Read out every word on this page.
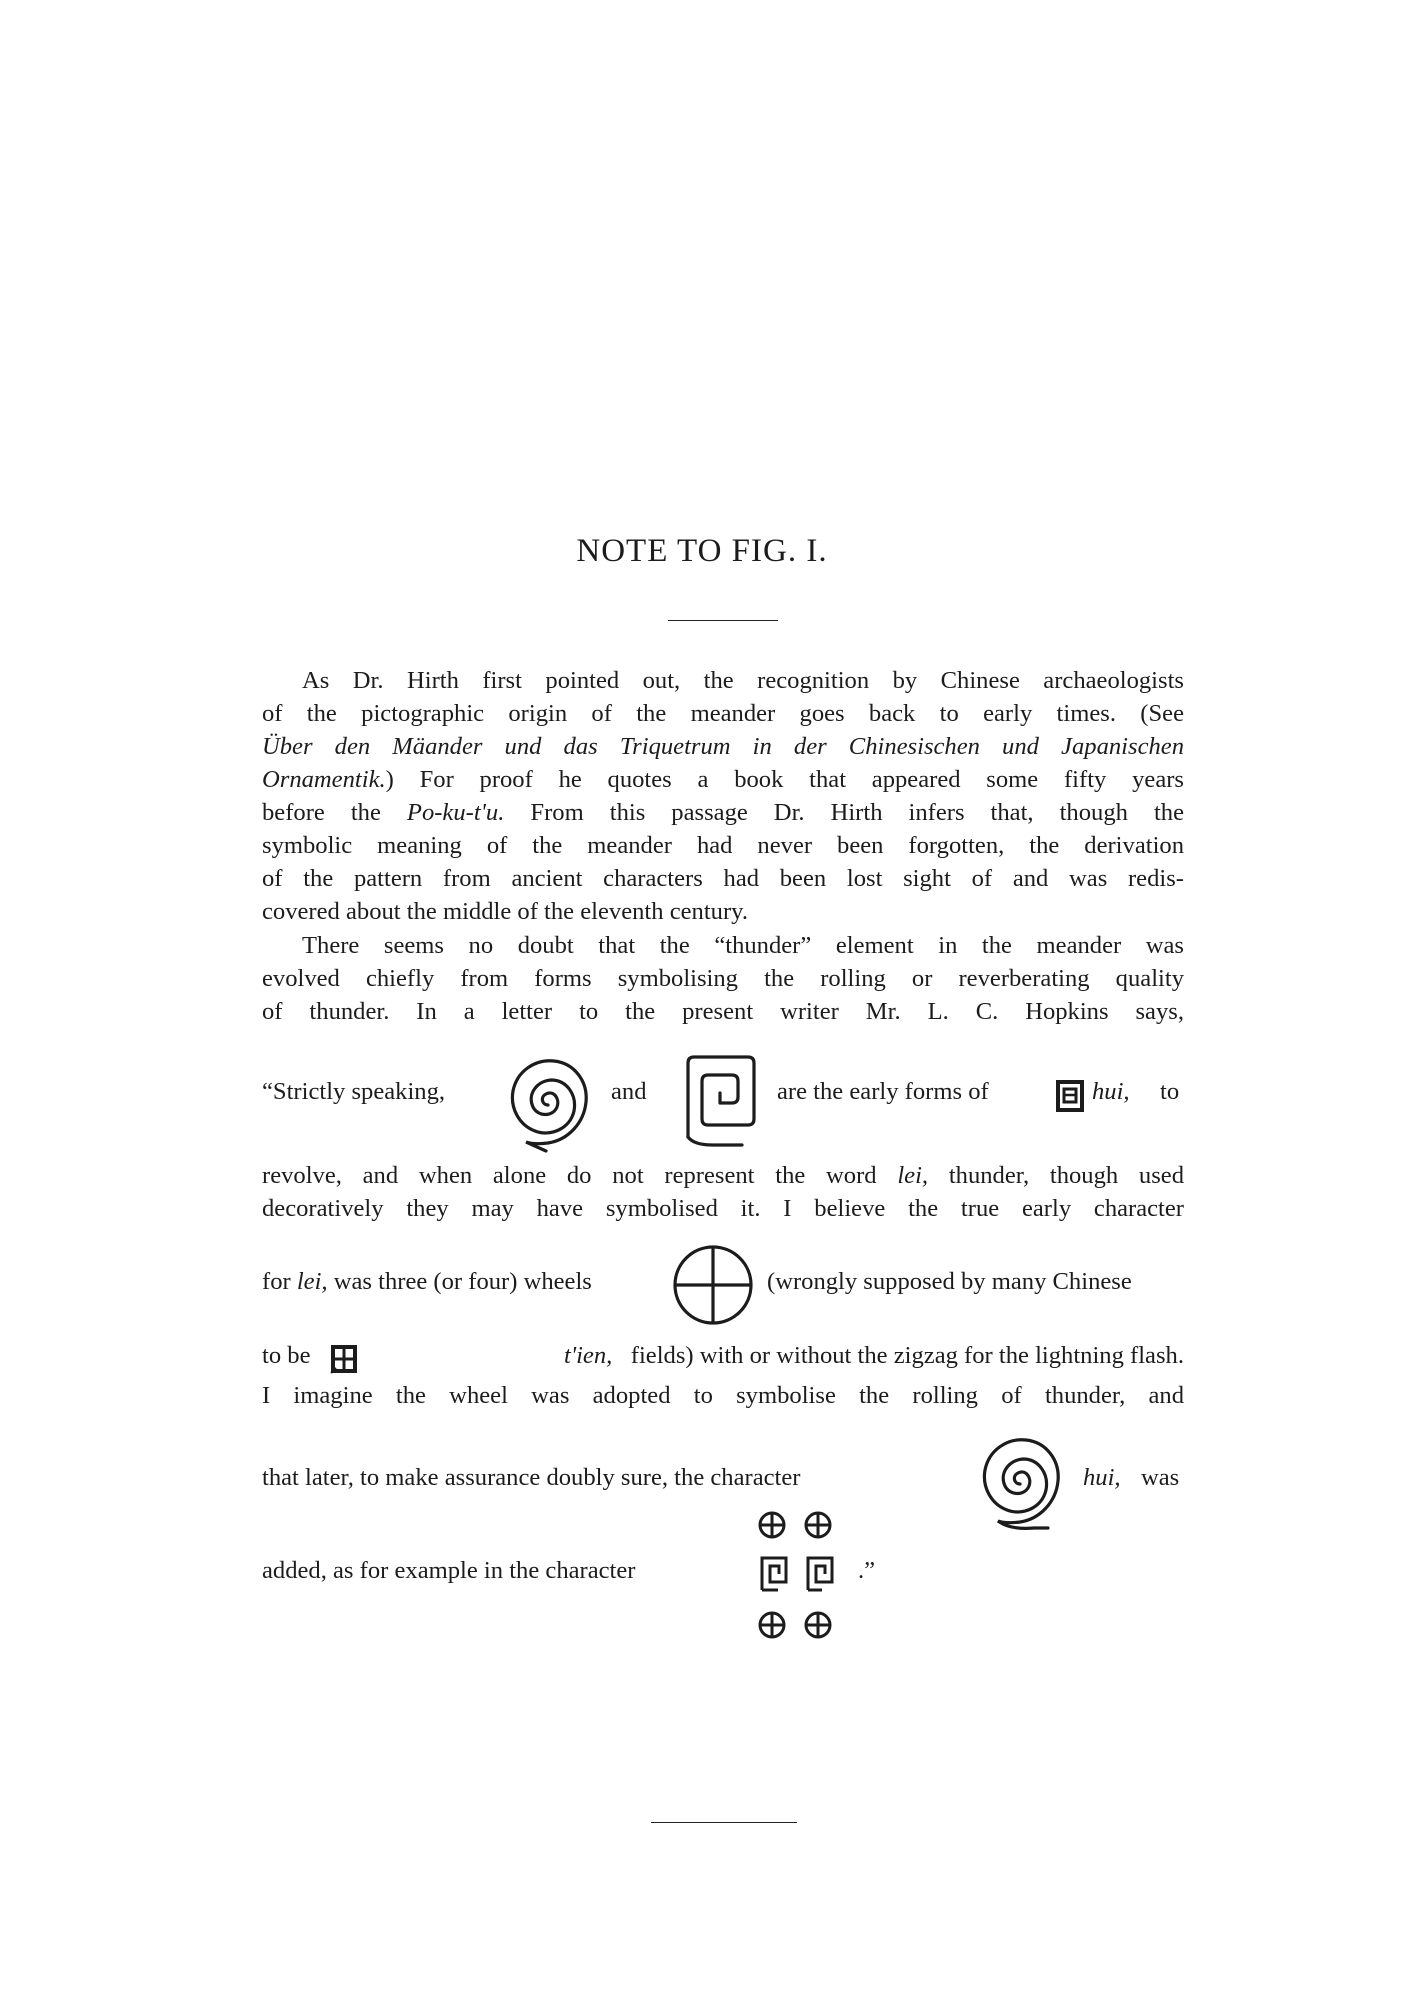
NOTE TO FIG. I.
As Dr. Hirth first pointed out, the recognition by Chinese archaeologists
of the pictographic origin of the meander goes back to early times. (See
Über den Mäander und das Triquetrum in der Chinesischen und Japanischen
Ornamentik.) For proof he quotes a book that appeared some fifty years
before the Po-ku-t'u. From this passage Dr. Hirth infers that, though the
symbolic meaning of the meander had never been forgotten, the derivation
of the pattern from ancient characters had been lost sight of and was redis-
covered about the middle of the eleventh century.
There seems no doubt that the “thunder” element in the meander was
evolved chiefly from forms symbolising the rolling or reverberating quality
of thunder. In a letter to the present writer Mr. L. C. Hopkins says,
“Strictly speaking,	and	are the early forms of	hui, to
revolve, and when alone do not represent the word lei, thunder, though used
decoratively they may have symbolised it. I believe the true early character
for lei, was three (or four) wheels	(wrongly supposed by many Chinese
to be	t'ien, fields) with or without the zigzag for the lightning flash.
I imagine the wheel was adopted to symbolise the rolling of thunder, and
that later, to make assurance doubly sure, the character	hui, was
added, as for example in the character	.”
